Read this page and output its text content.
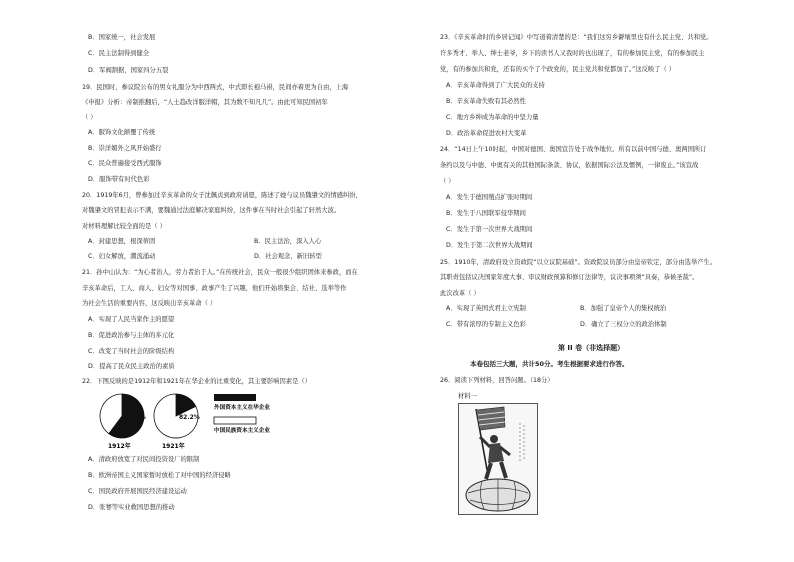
B．国家统一，社会发展
C．民主法制得到健全
D．军阀割据，国家四分五裂
19．民国时，参议院公布的男女礼服分为中西两式，中式即长袍马褂，民间亦着更为自由，上海
《申报》分析：帝制推翻后，“人士趋改洋服洋帽，其为数不知凡几”。由此可知民国初年
（ ）
A．服饰文化颠覆了传统
B．崇洋媚外之风开始盛行
C．民众普遍接受西式服饰
D．服饰带有时代色彩
20．1919年6月，曾参加过辛亥革命的女子沈佩贞到政府请愿，陈述了她与议员魏肇文的情感纠纷，
对魏肇文的冒犯表示不满，要魏通过法庭解决家庭纠纷，这件事在当时社会引起了轩然大波。
对材料理解比较全面的是（ ）
A．封建思想，根深蒂固	B．民主法治，深入人心
C．妇女解放，潮流涌动	D．社会观念，新旧转型
21．孙中山认为：“为心者治人，劳力者治于人。”在传统社会，民众一般很少组织团体来参政，而在
辛亥革命后，工人、商人、妇女等对国事、政事产生了兴趣，他们开始将集会、结社、选举等作
为社会生活的重要内容，这反映出辛亥革命（ ）
A．实现了人民当家作主的愿望
B．促进政治参与主体的多元化
C．改变了当时社会的阶级结构
D．提高了民众民主政治的素质
22．下图反映的是1912年和1921年在华企业的比重变化，其主要影响因素是（）
39.8%	82.2%
外国资本主义在华企业
中国民族资本主义企业
1912年	1921年
A．清政府放宽了对民间投资设厂的限制
B．欧洲帝国主义国家暂时放松了对中国的经济侵略
C．国民政府开展国民经济建设运动
D．张謇等实业救国思想的推动
23．《辛亥革命时的乡居记闻》中写道着清楚的是：“我们这穷乡僻壤里也有什么民主党、共和党。
许多秀才、举人、绅士老爷，乡下的读书人又我时的也出现了，有的参加民主党，有的参加民主
党，有的参加共和党，还有的买个了个政党的，民主党共和党都加了。”这反映了（ ）
A．辛亥革命得到了广大民众的支持
B．辛亥革命失败有其必然性
C．地方乡绅成为革命的中坚力量
D．政治革命促进农村大变革
24．“14日上午10时起，中国对德国、奥国宣告处于战争地位。所有以前中国与德、奥两国所订
条约以及与中德、中奥有关的其他国际条款、协议，依据国际公法及惯例，一律废止。”该宣战
（ ）
A．发生于德国殖点扩张时期间
B．发生于八国联军侵华期间
C．发生于第一次世界大战期间
D．发生于第二次世界大战期间
25．1910年，清政府设立资政院“以立议院基础”。资政院议员部分由皇帝钦定，部分由选举产生。
其职责包括议决国家年度大事、审议财政预算和修订法律等，议决事项须“具奏，恭候圣裁”。
此次改革（ ）
A．实现了英国式君主立宪制	B．加强了皇帝个人的集权统治
C．带有浓厚的专制主义色彩	D．确立了三权分立的政治体制
第 II 卷（非选择题）
本卷包括三大题，共计50分。考生根据要求进行作答。
26．阅读下列材料，回答问题。（18分）
材料一
